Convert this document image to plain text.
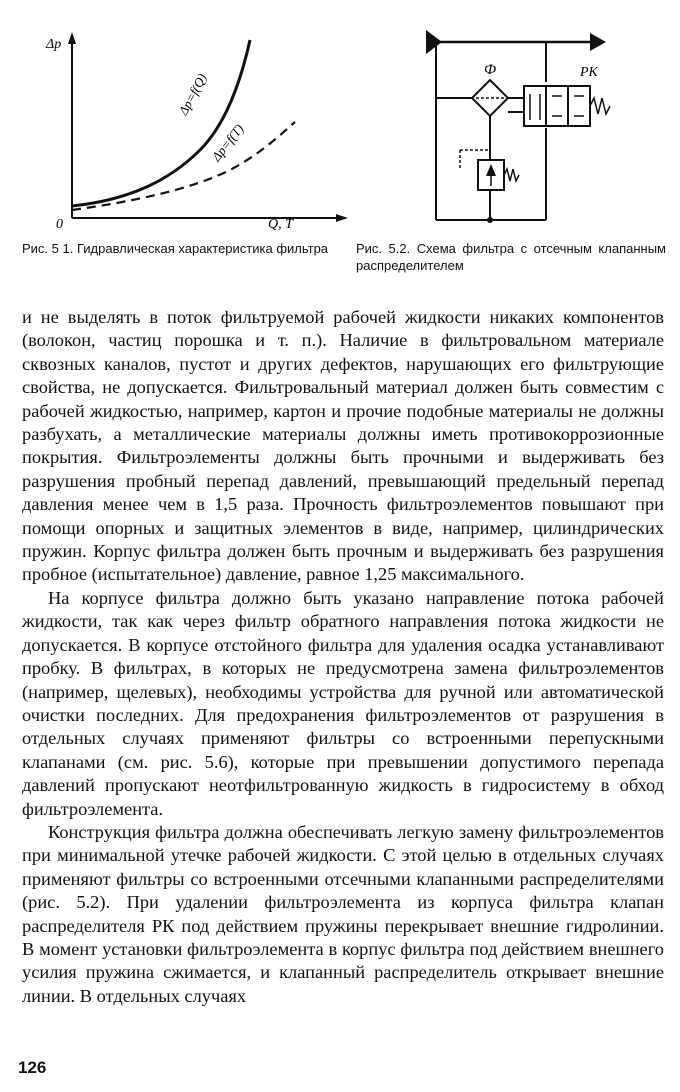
Δp
Q, T
0
Δp=f(Q)
Δp=f(T)
Ф	РК
Рис. 5 1. Гидравлическая характеристика фильтра	Рис. 5.2. Схема фильтра с отсечным клапанным распределителем

и не выделять в поток фильтруемой рабочей жидкости никаких компонентов (волокон, частиц порошка и т. п.). Наличие в фильтровальном материале сквозных каналов, пустот и других дефектов, нарушающих его фильтрующие свойства, не допускается. Фильтровальный материал должен быть совместим с рабочей жидкостью, например, картон и прочие подобные материалы не должны разбухать, а металлические материалы должны иметь противокоррозионные покрытия. Фильтроэлементы должны быть прочными и выдерживать без разрушения пробный перепад давлений, превышающий предельный перепад давления менее чем в 1,5 раза. Прочность фильтроэлементов повышают при помощи опорных и защитных элементов в виде, например, цилиндрических пружин. Корпус фильтрa должен быть прочным и выдерживать без разрушения пробное (испытательное) давление, равное 1,25 максимального.

На корпусе фильтра должно быть указано направление потока рабочей жидкости, так как через фильтр обратного направления потока жидкости не допускается. В корпусе отстойного фильтра для удаления осадка устанавливают пробку. В фильтрах, в которых не предусмотрена замена фильтроэлементов (например, щелевых), необходимы устройства для ручной или автоматической очистки последних. Для предохранения фильтроэлементов от разрушения в отдельных случаях применяют фильтры со встроенными перепускными клапанами (см. рис. 5.6), которые при превышении допустимого перепада давлений пропускают неотфильтрованную жидкость в гидросистему в обход фильтроэлемента.

Конструкция фильтра должна обеспечивать легкую замену фильтроэлементов при минимальной утечке рабочей жидкости. С этой целью в отдельных случаях применяют фильтры со встроенными отсечными клапанными распределителями (рис. 5.2). При удалении фильтроэлемента из корпуса фильтра клапан распределителя РК под действием пружины перекрывает внешние гидролинии. В момент установки фильтроэлемента в корпус фильтра под действием внешнего усилия пружина сжимается, и клапанный распределитель открывает внешние линии. В отдельных случаях

126
